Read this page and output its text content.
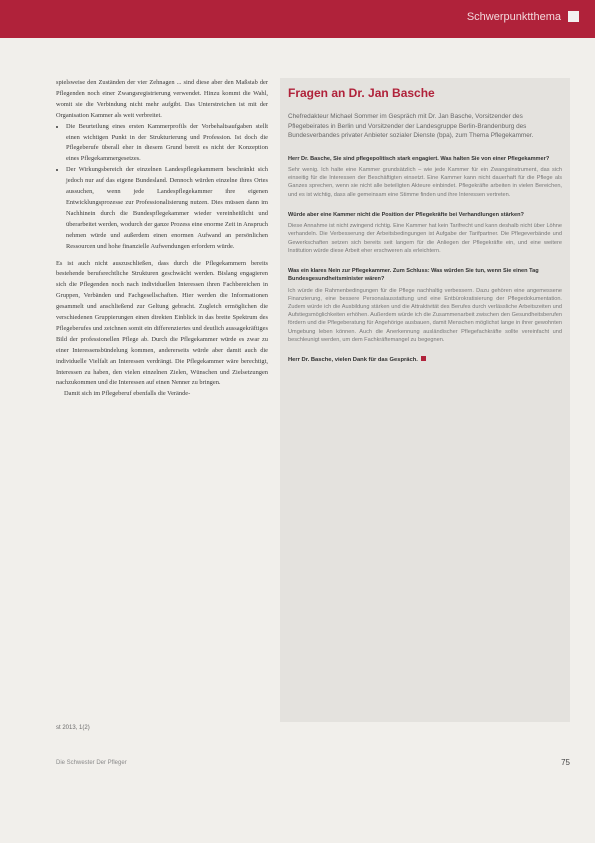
Schwerpunktthema

spielsweise den Zuständen der vier Zehnagen ... sind diese aber den Maßstab der Pflegenden noch einer Zwangsregistrierung verwendet. Hinzu kommt die Wahl, womit sie die Verbindung nicht mehr aufgibt. Das Unterstreichen ist mit der Organisation Kammer als weit verbreitet.

• Die Beurteilung eines ersten Kammerprofils der Vorbehaltsaufgaben stellt einen wichtigen Punkt in der Strukturierung und Profession. Ist doch die Pflegeberufe überall eher in diesem Grund bereit es nicht der Konzeption eines Pflegekammergesetzes.
• Der Wirkungsbereich der einzelnen Landespflegekammern beschränkt sich jedoch nur auf das eigene Bundesland. Dennoch würden einzelne ihres Ortes aussuchen, wenn jede Landespflegekammer ihre eigenen Entwicklungsprozesse zur Professionalisierung nutzen. Dies müssen dann im Nachhinein durch die Bundespflegekammer wieder vereinheitlicht und überarbeitet werden, wodurch der ganze Prozess eine enorme Zeit in Anspruch nehmen würde und außerdem einen enormen Aufwand an persönlichen Ressourcen und hohe finanzielle Aufwendungen erfordern würde.

Es ist auch nicht auszuschließen, dass durch die Pflegekammern bereits bestehende berufsrechtliche Strukturen geschwächt werden. Bislang engagieren sich die Pflegenden noch nach individuellen Interessen ihren Fachbereichen in Gruppen, Verbänden und Fachgesellschaften. Hier werden die Informationen gesammelt und anschließend zur Geltung gebracht. Zugleich ermöglichen die verschiedenen Gruppierungen einen direkten Einblick in das breite Spektrum des Pflegeberufes und zeichnen somit ein differenziertes und deutlich aussagekräftiges Bild der professionellen Pflege ab. Durch die Pflegekammer würde es zwar zu einer Interessensbündelung kommen, andererseits würde aber damit auch die individuelle Vielfalt an Interessen verdrängt. Die Pflegekammer wäre berechtigt, Interessen zu haben, den vielen einzelnen Zielen, Wünschen und Zielsetzungen nachzukommen und die Interessen auf einen Nenner zu bringen.

Damit sich im Pflegeberuf ebenfalls die Verände-

st 2013, 1(2)
Fragen an Dr. Jan Basche

Chefredakteur Michael Sommer im Gespräch mit Dr. Jan Basche, Vorsitzender des Pflegebeirates in Berlin und Vorsitzender der Landesgruppe Berlin-Brandenburg des Bundesverbandes privater Anbieter sozialer Dienste (bpa), zum Thema Pflegekammer.

Herr Dr. Basche, Sie sind pflegepolitisch stark engagiert. Was halten Sie von einer Pflegekammer?

Sehr wenig. Ich halte eine Kammer grundsätzlich – wie jede Kammer für ein Zwangsinstrument, das sich einseitig für die Interessen der Beschäftigten einsetzt. Eine Kammer kann nicht dauerhaft für die Pflege als Ganzes sprechen, wenn sie nicht alle beteiligten Akteure einbindet. Pflegekräfte arbeiten in vielen Bereichen, und es ist wichtig, dass alle gemeinsam eine Stimme finden und ihre Interessen vertreten.

Würde aber eine Kammer nicht die Position der Pflegekräfte bei Verhandlungen stärken?

Diese Annahme ist nicht zwingend richtig. Eine Kammer hat kein Tarifrecht und kann deshalb nicht über Löhne verhandeln. Die Verbesserung der Arbeitsbedingungen ist Aufgabe der Tarifpartner. Die Pflegeverbände und Gewerkschaften setzen sich bereits seit langem für die Anliegen der Pflegekräfte ein, und eine weitere Institution würde diese Arbeit eher erschweren als erleichtern.

Was ein klares Nein zur Pflegekammer. Zum Schluss: Was würden Sie tun, wenn Sie einen Tag Bundesgesundheitsminister wären?

Ich würde die Rahmenbedingungen für die Pflege nachhaltig verbessern. Dazu gehören eine angemessene Finanzierung, eine bessere Personalausstattung und eine Entbürokratisierung der Pflegedokumentation. Zudem würde ich die Ausbildung stärken und die Attraktivität des Berufes durch verlässliche Arbeitszeiten und Aufstiegsmöglichkeiten erhöhen. Außerdem würde ich die Zusammenarbeit zwischen den Gesundheitsberufen fördern und die Pflegeberatung für Angehörige ausbauen, damit Menschen möglichst lange in ihrer gewohnten Umgebung leben können. Auch die Anerkennung ausländischer Pflegefachkräfte sollte vereinfacht und beschleunigt werden, um dem Fachkräftemangel zu begegnen.

Herr Dr. Basche, vielen Dank für das Gespräch.

Die Schwester Der Pfleger	75
